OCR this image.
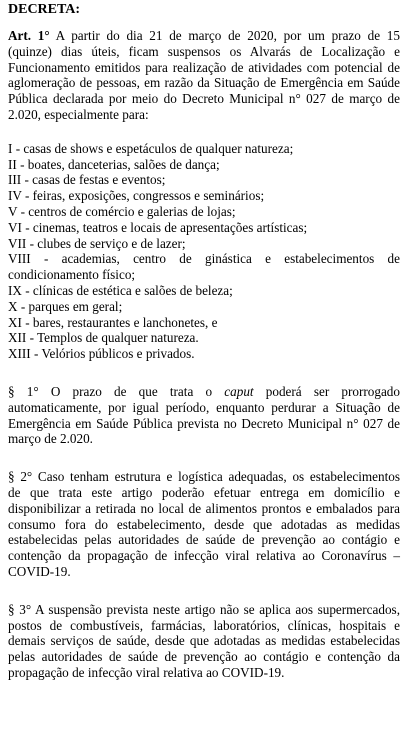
DECRETA:
Art. 1° A partir do dia 21 de março de 2020, por um prazo de 15
(quinze) dias úteis, ficam suspensos os Alvarás de Localização e
Funcionamento emitidos para realização de atividades com potencial de
aglomeração de pessoas, em razão da Situação de Emergência em Saúde
Pública declarada por meio do Decreto Municipal n° 027 de março de
2.020, especialmente para:
I - casas de shows e espetáculos de qualquer natureza;
II - boates, danceterias, salões de dança;
III - casas de festas e eventos;
IV - feiras, exposições, congressos e seminários;
V - centros de comércio e galerias de lojas;
VI - cinemas, teatros e locais de apresentações artísticas;
VII - clubes de serviço e de lazer;
VIII - academias, centro de ginástica e estabelecimentos de
condicionamento físico;
IX - clínicas de estética e salões de beleza;
X - parques em geral;
XI - bares, restaurantes e lanchonetes, e
XII - Templos de qualquer natureza.
XIII - Velórios públicos e privados.
§ 1° O prazo de que trata o caput poderá ser prorrogado
automaticamente, por igual período, enquanto perdurar a Situação de
Emergência em Saúde Pública prevista no Decreto Municipal n° 027 de
março de 2.020.
§ 2° Caso tenham estrutura e logística adequadas, os estabelecimentos
de que trata este artigo poderão efetuar entrega em domicílio e
disponibilizar a retirada no local de alimentos prontos e embalados para
consumo fora do estabelecimento, desde que adotadas as medidas
estabelecidas pelas autoridades de saúde de prevenção ao contágio e
contenção da propagação de infecção viral relativa ao Coronavírus –
COVID-19.
§ 3° A suspensão prevista neste artigo não se aplica aos supermercados,
postos de combustíveis, farmácias, laboratórios, clínicas, hospitais e
demais serviços de saúde, desde que adotadas as medidas estabelecidas
pelas autoridades de saúde de prevenção ao contágio e contenção da
propagação de infecção viral relativa ao COVID-19.
